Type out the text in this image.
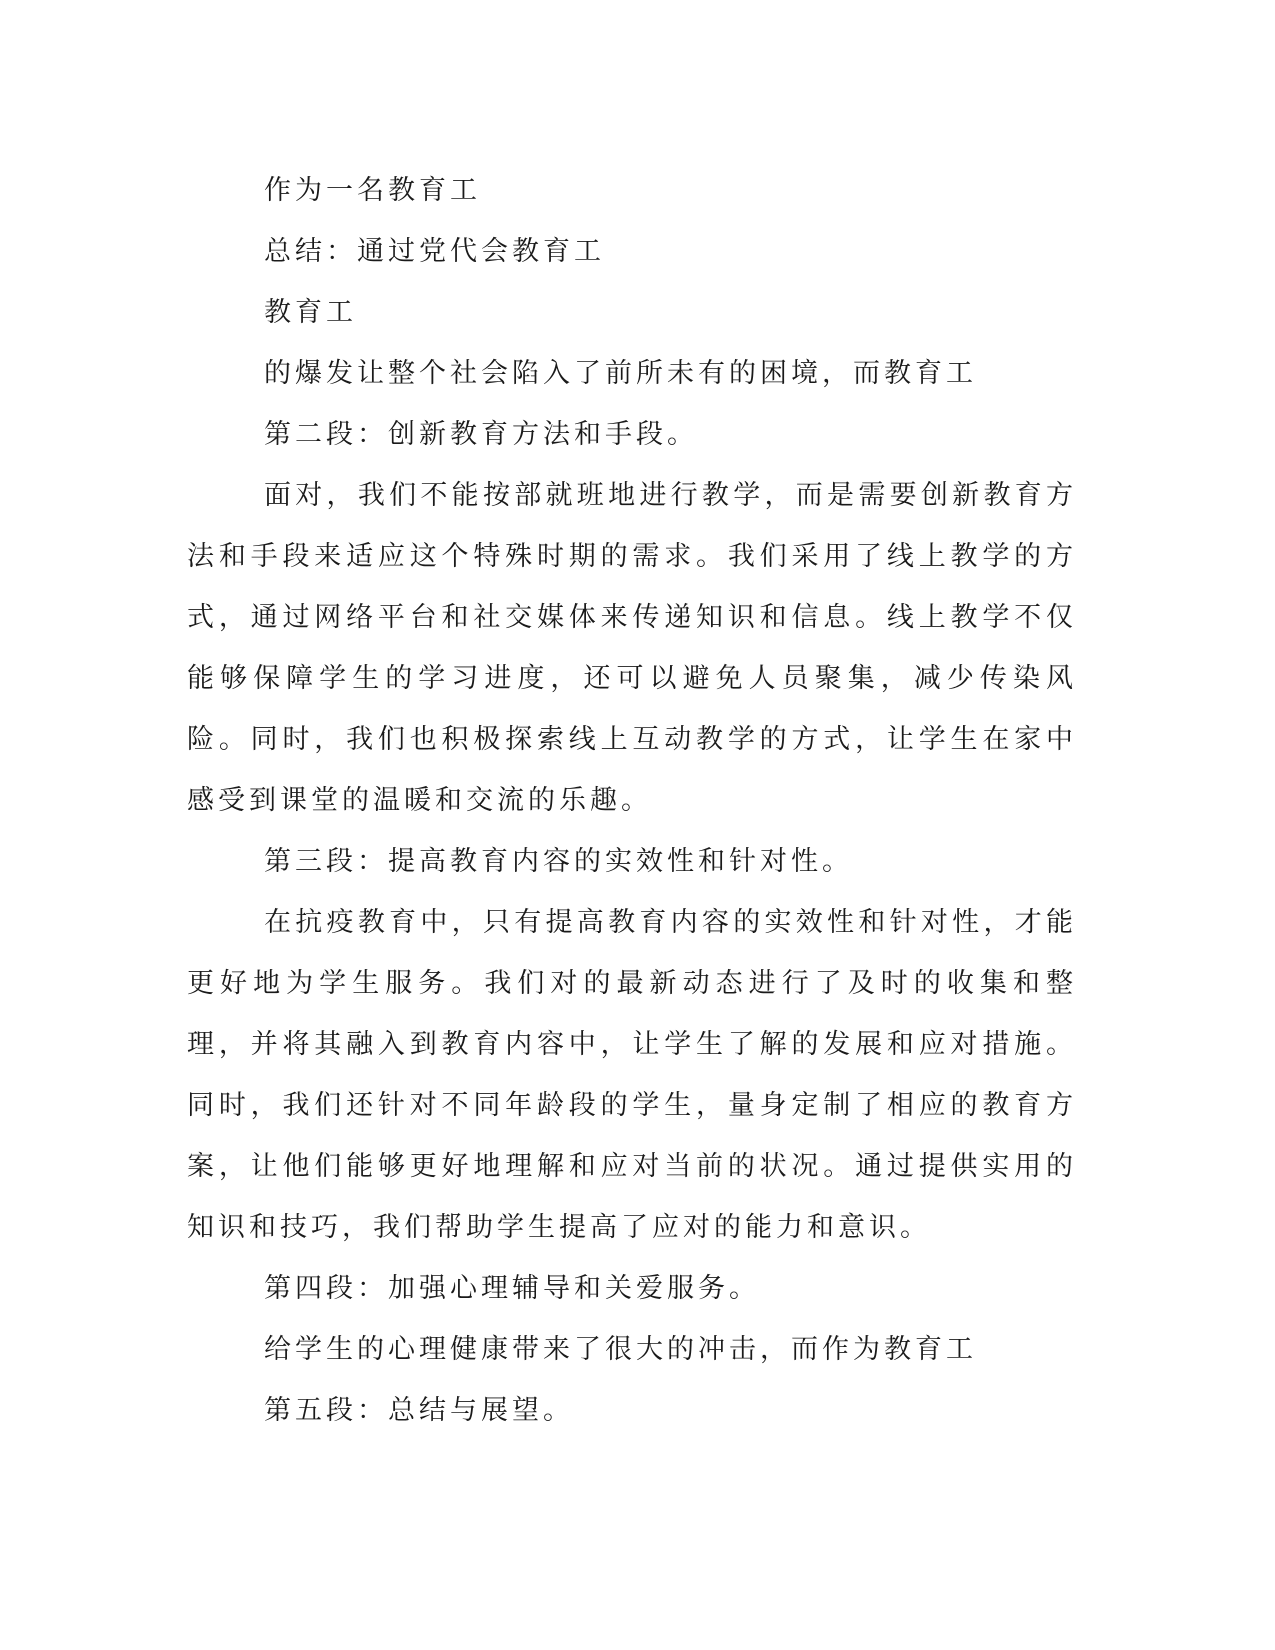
作为一名教育工

总结：通过党代会教育工

教育工

的爆发让整个社会陷入了前所未有的困境，而教育工

第二段：创新教育方法和手段。

面对，我们不能按部就班地进行教学，而是需要创新教育方法和手段来适应这个特殊时期的需求。我们采用了线上教学的方式，通过网络平台和社交媒体来传递知识和信息。线上教学不仅能够保障学生的学习进度，还可以避免人员聚集，减少传染风险。同时，我们也积极探索线上互动教学的方式，让学生在家中感受到课堂的温暖和交流的乐趣。

第三段：提高教育内容的实效性和针对性。

在抗疫教育中，只有提高教育内容的实效性和针对性，才能更好地为学生服务。我们对的最新动态进行了及时的收集和整理，并将其融入到教育内容中，让学生了解的发展和应对措施。同时，我们还针对不同年龄段的学生，量身定制了相应的教育方案，让他们能够更好地理解和应对当前的状况。通过提供实用的知识和技巧，我们帮助学生提高了应对的能力和意识。

第四段：加强心理辅导和关爱服务。

给学生的心理健康带来了很大的冲击，而作为教育工

第五段：总结与展望。
